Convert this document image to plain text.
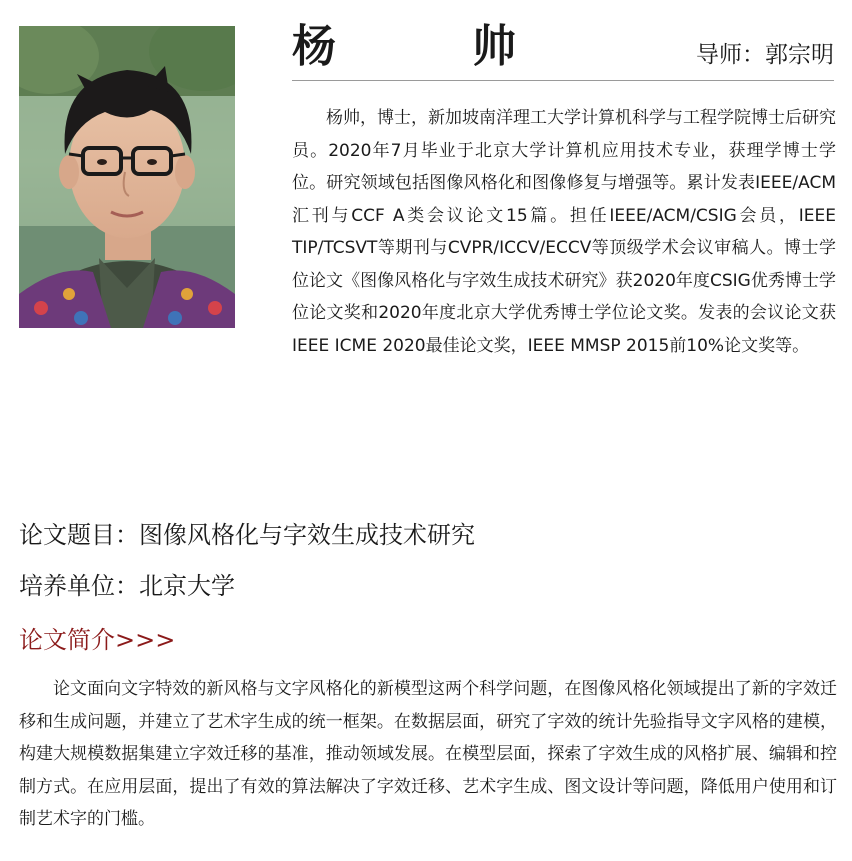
杨　帅	导师：郭宗明

杨帅，博士，新加坡南洋理工大学计算机科学与工程学院博士后研究员。2020年7月毕业于北京大学计算机应用技术专业，获理学博士学位。研究领域包括图像风格化和图像修复与增强等。累计发表IEEE/ACM汇刊与CCF A类会议论文15篇。担任IEEE/ACM/CSIG会员，IEEE TIP/TCSVT等期刊与CVPR/ICCV/ECCV等顶级学术会议审稿人。博士学位论文《图像风格化与字效生成技术研究》获2020年度CSIG优秀博士学位论文奖和2020年度北京大学优秀博士学位论文奖。发表的会议论文获IEEE ICME 2020最佳论文奖，IEEE MMSP 2015前10%论文奖等。

论文题目：图像风格化与字效生成技术研究
培养单位：北京大学
论文简介>>>

论文面向文字特效的新风格与文字风格化的新模型这两个科学问题，在图像风格化领域提出了新的字效迁移和生成问题，并建立了艺术字生成的统一框架。在数据层面，研究了字效的统计先验指导文字风格的建模，构建大规模数据集建立字效迁移的基准，推动领域发展。在模型层面，探索了字效生成的风格扩展、编辑和控制方式。在应用层面，提出了有效的算法解决了字效迁移、艺术字生成、图文设计等问题，降低用户使用和订制艺术字的门槛。
